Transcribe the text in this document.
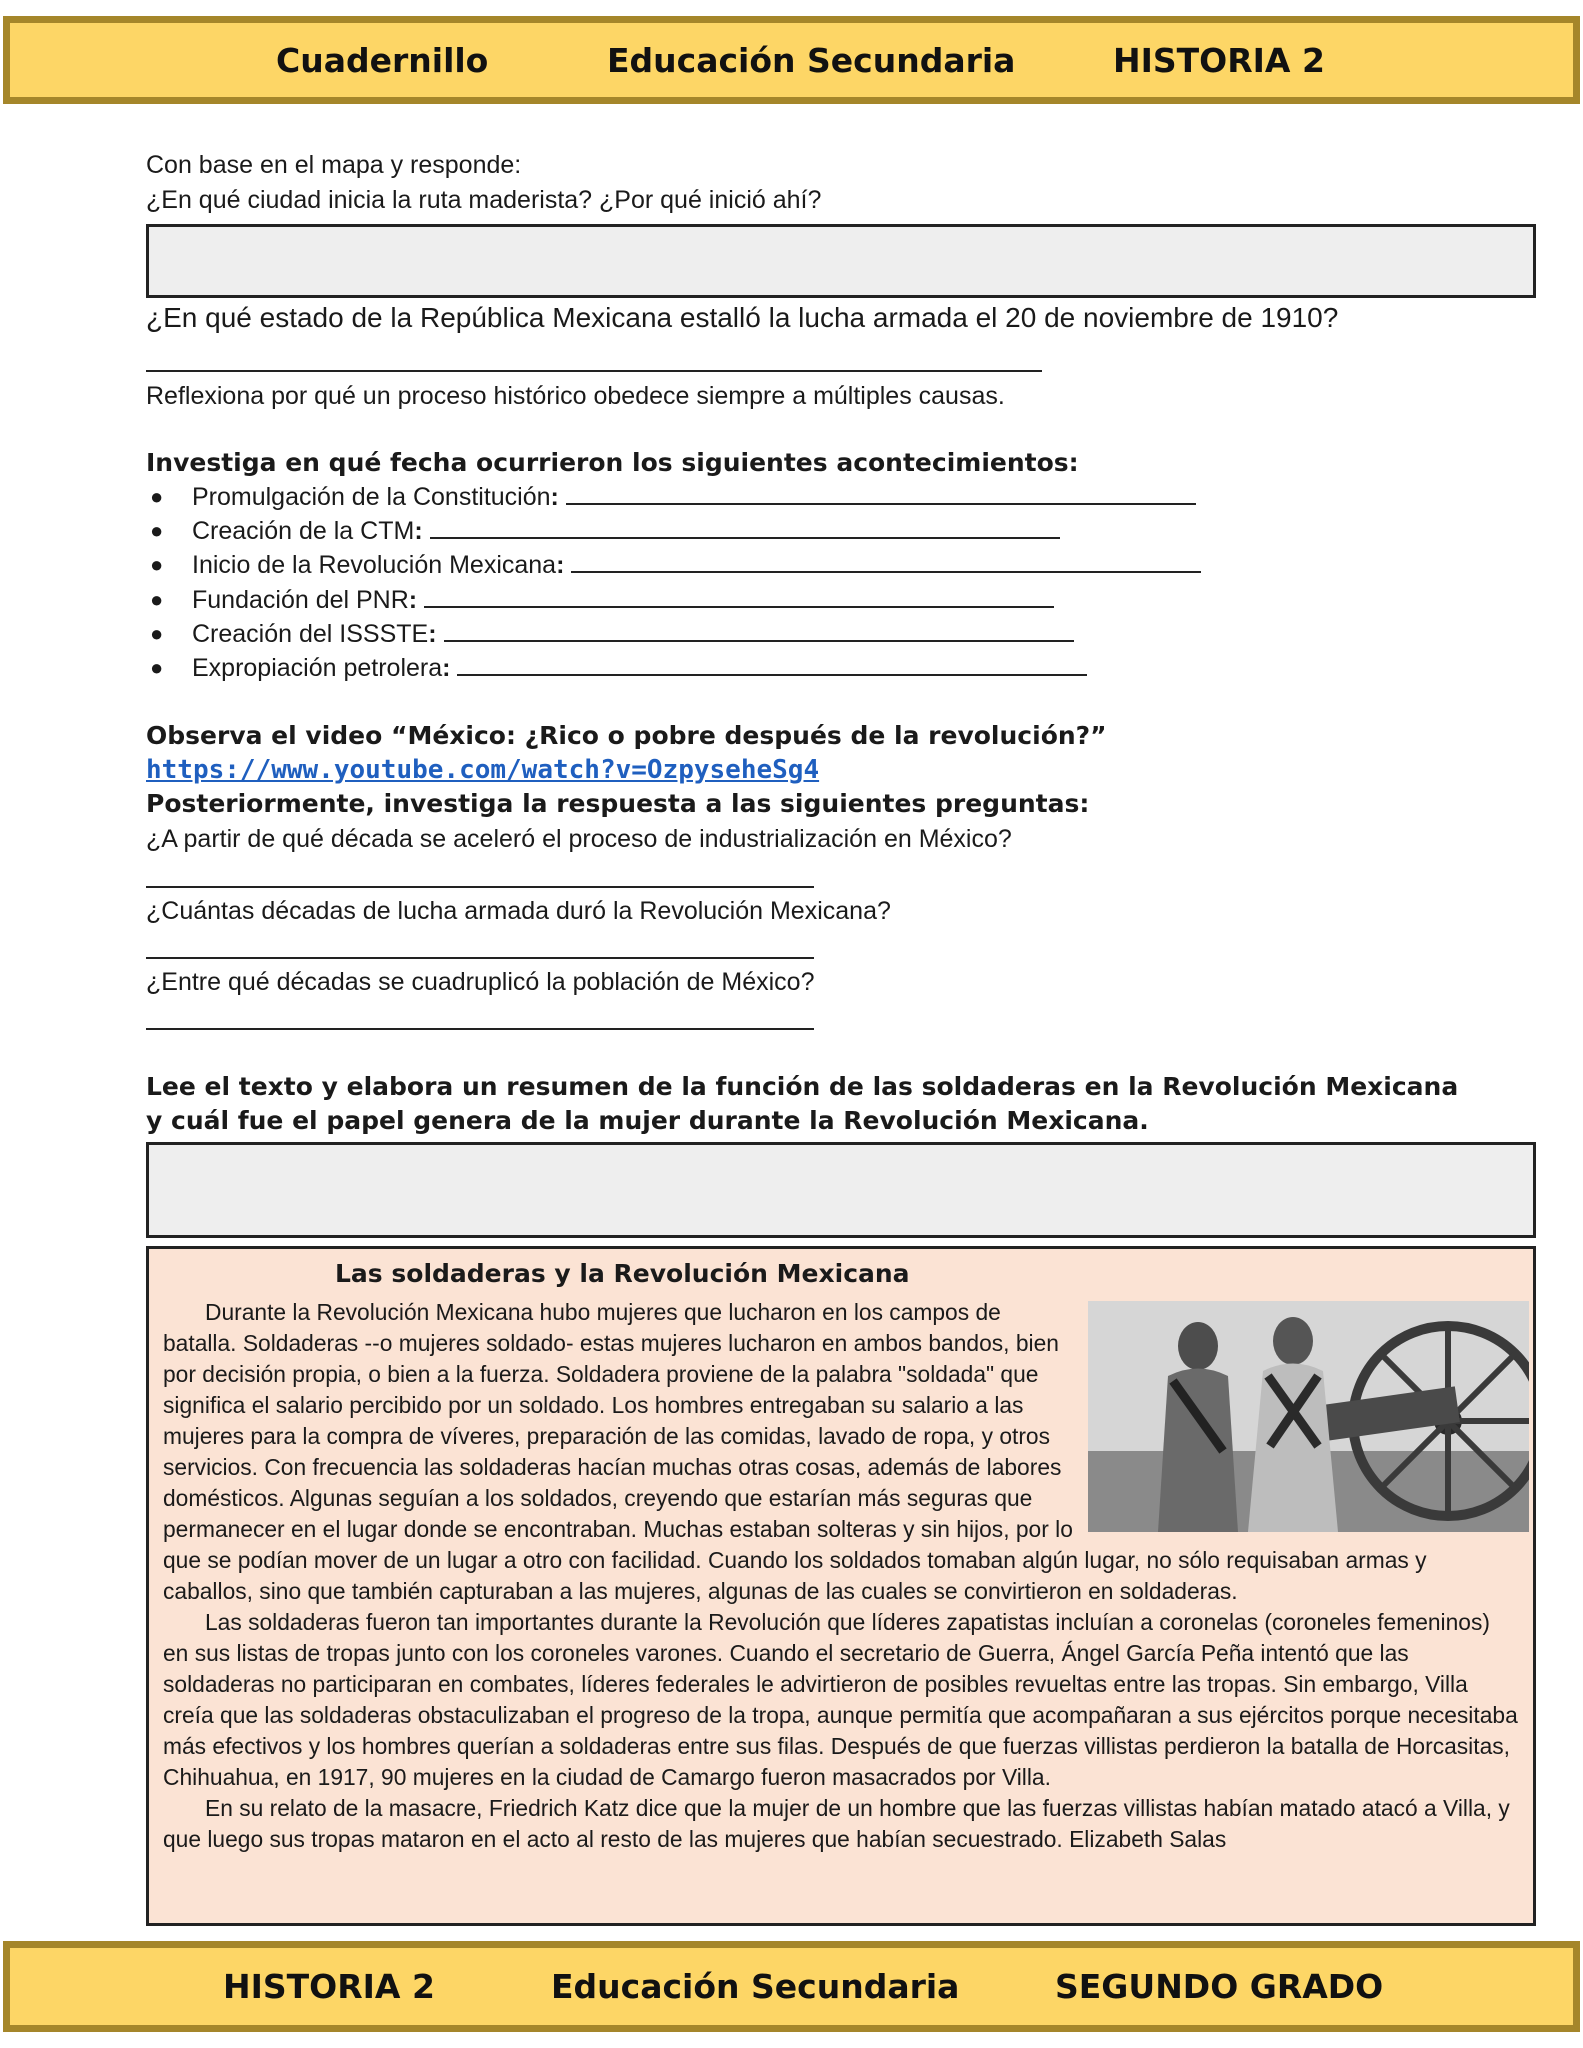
Cuadernillo	Educación Secundaria	HISTORIA 2
Con base en el mapa y responde:
¿En qué ciudad inicia la ruta maderista? ¿Por qué inició ahí?
¿En qué estado de la República Mexicana estalló la lucha armada el 20 de noviembre de 1910?
Reflexiona por qué un proceso histórico obedece siempre a múltiples causas.
Investiga en qué fecha ocurrieron los siguientes acontecimientos:
● Promulgación de la Constitución:
● Creación de la CTM:
● Inicio de la Revolución Mexicana:
● Fundación del PNR:
● Creación del ISSSTE:
● Expropiación petrolera:
Observa el video “México: ¿Rico o pobre después de la revolución?”
https://www.youtube.com/watch?v=OzpyseheSg4
Posteriormente, investiga la respuesta a las siguientes preguntas:
¿A partir de qué década se aceleró el proceso de industrialización en México?
¿Cuántas décadas de lucha armada duró la Revolución Mexicana?
¿Entre qué décadas se cuadruplicó la población de México?
Lee el texto y elabora un resumen de la función de las soldaderas en la Revolución Mexicana
y cuál fue el papel genera de la mujer durante la Revolución Mexicana.
Las soldaderas y la Revolución Mexicana

Durante la Revolución Mexicana hubo mujeres que lucharon en los campos de batalla. Soldaderas --o mujeres soldado- estas mujeres lucharon en ambos bandos, bien por decisión propia, o bien a la fuerza. Soldadera proviene de la palabra "soldada" que significa el salario percibido por un soldado. Los hombres entregaban su salario a las mujeres para la compra de víveres, preparación de las comidas, lavado de ropa, y otros servicios. Con frecuencia las soldaderas hacían muchas otras cosas, además de labores domésticos. Algunas seguían a los soldados, creyendo que estarían más seguras que permanecer en el lugar donde se encontraban. Muchas estaban solteras y sin hijos, por lo que se podían mover de un lugar a otro con facilidad. Cuando los soldados tomaban algún lugar, no sólo requisaban armas y caballos, sino que también capturaban a las mujeres, algunas de las cuales se convirtieron en soldaderas.

Las soldaderas fueron tan importantes durante la Revolución que líderes zapatistas incluían a coronelas (coroneles femeninos) en sus listas de tropas junto con los coroneles varones. Cuando el secretario de Guerra, Ángel García Peña intentó que las soldaderas no participaran en combates, líderes federales le advirtieron de posibles revueltas entre las tropas. Sin embargo, Villa creía que las soldaderas obstaculizaban el progreso de la tropa, aunque permitía que acompañaran a sus ejércitos porque necesitaba más efectivos y los hombres querían a soldaderas entre sus filas. Después de que fuerzas villistas perdieron la batalla de Horcasitas, Chihuahua, en 1917, 90 mujeres en la ciudad de Camargo fueron masacrados por Villa.

En su relato de la masacre, Friedrich Katz dice que la mujer de un hombre que las fuerzas villistas habían matado atacó a Villa, y que luego sus tropas mataron en el acto al resto de las mujeres que habían secuestrado. Elizabeth Salas

HISTORIA 2	Educación Secundaria	SEGUNDO GRADO
